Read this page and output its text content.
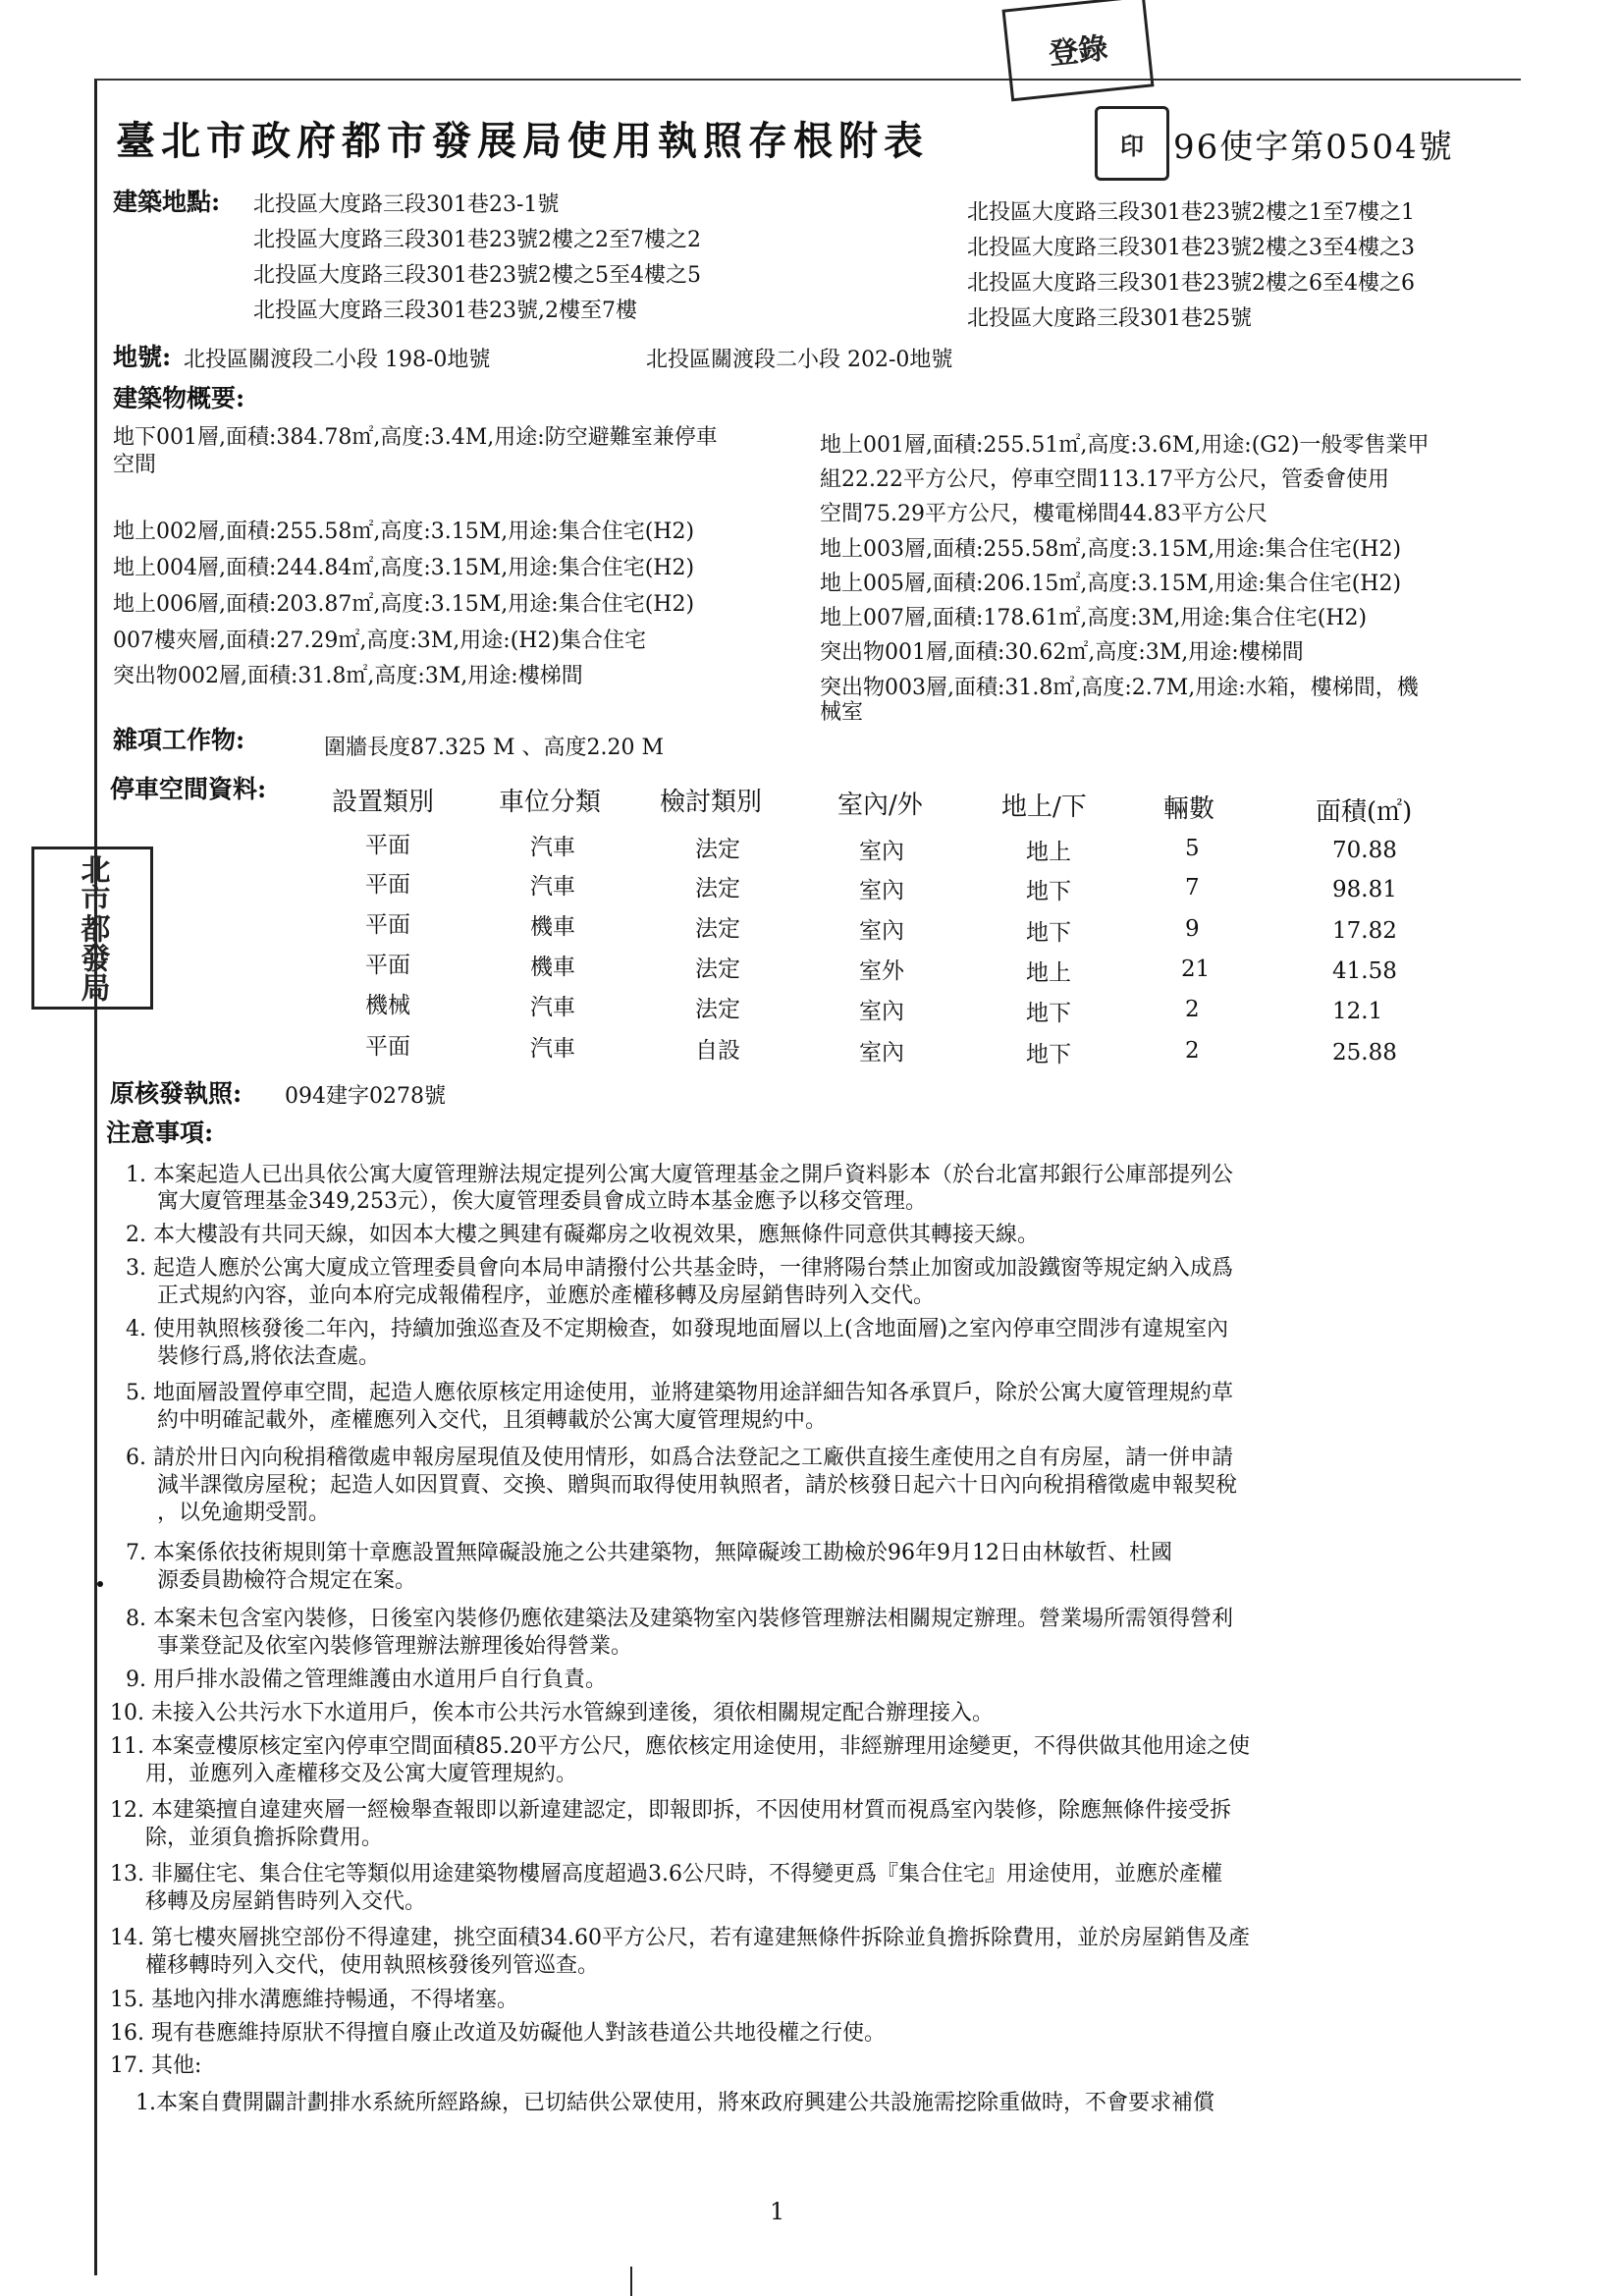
登錄
臺北市政府都市發展局使用執照存根附表	印 96使字第0504號
北市都發局
建築地點: 北投區大度路三段301巷23-1號
北投區大度路三段301巷23號2樓之2至7樓之2
北投區大度路三段301巷23號2樓之5至4樓之5
北投區大度路三段301巷23號,2樓至7樓
北投區大度路三段301巷23號2樓之1至7樓之1
北投區大度路三段301巷23號2樓之3至4樓之3
北投區大度路三段301巷23號2樓之6至4樓之6
北投區大度路三段301巷25號
地號: 北投區關渡段二小段 198-0地號	北投區關渡段二小段 202-0地號
建築物概要:
地下001層,面積:384.78㎡,高度:3.4M,用途:防空避難室兼停車
空間
地上002層,面積:255.58㎡,高度:3.15M,用途:集合住宅(H2)
地上004層,面積:244.84㎡,高度:3.15M,用途:集合住宅(H2)
地上006層,面積:203.87㎡,高度:3.15M,用途:集合住宅(H2)
007樓夾層,面積:27.29㎡,高度:3M,用途:(H2)集合住宅
突出物002層,面積:31.8㎡,高度:3M,用途:樓梯間
地上001層,面積:255.51㎡,高度:3.6M,用途:(G2)一般零售業甲
組22.22平方公尺，停車空間113.17平方公尺，管委會使用
空間75.29平方公尺，樓電梯間44.83平方公尺
地上003層,面積:255.58㎡,高度:3.15M,用途:集合住宅(H2)
地上005層,面積:206.15㎡,高度:3.15M,用途:集合住宅(H2)
地上007層,面積:178.61㎡,高度:3M,用途:集合住宅(H2)
突出物001層,面積:30.62㎡,高度:3M,用途:樓梯間
突出物003層,面積:31.8㎡,高度:2.7M,用途:水箱，樓梯間，機
械室
雜項工作物:	圍牆長度87.325 M 、高度2.20 M
停車空間資料:	設置類別	車位分類 檢討類別	室內/外	地上/下	輛數	面積(㎡)
平面	汽車	法定	室內	地上	5	70.88
平面	汽車	法定	室內	地下	7	98.81
平面	機車	法定	室內	地下	9	17.82
平面	機車	法定	室外	地上	21	41.58
機械	汽車	法定	室內	地下	2	12.1
平面	汽車	自設	室內	地下	2	25.88
原核發執照: 094建字0278號
注意事項:
1. 本案起造人已出具依公寓大廈管理辦法規定提列公寓大廈管理基金之開戶資料影本（於台北富邦銀行公庫部提列公
寓大廈管理基金349,253元），俟大廈管理委員會成立時本基金應予以移交管理。
2. 本大樓設有共同天線，如因本大樓之興建有礙鄰房之收視效果，應無條件同意供其轉接天線。
3. 起造人應於公寓大廈成立管理委員會向本局申請撥付公共基金時，一律將陽台禁止加窗或加設鐵窗等規定納入成爲
正式規約內容，並向本府完成報備程序，並應於產權移轉及房屋銷售時列入交代。
4. 使用執照核發後二年內，持續加強巡查及不定期檢查，如發現地面層以上(含地面層)之室內停車空間涉有違規室內
裝修行爲,將依法查處。
5. 地面層設置停車空間，起造人應依原核定用途使用，並將建築物用途詳細告知各承買戶，除於公寓大廈管理規約草
約中明確記載外，產權應列入交代，且須轉載於公寓大廈管理規約中。
6. 請於卅日內向稅捐稽徵處申報房屋現值及使用情形，如爲合法登記之工廠供直接生產使用之自有房屋，請一併申請
減半課徵房屋稅；起造人如因買賣、交換、贈與而取得使用執照者，請於核發日起六十日內向稅捐稽徵處申報契稅
，以免逾期受罰。
7. 本案係依技術規則第十章應設置無障礙設施之公共建築物，無障礙竣工勘檢於96年9月12日由林敏哲、杜國
源委員勘檢符合規定在案。
8. 本案未包含室內裝修，日後室內裝修仍應依建築法及建築物室內裝修管理辦法相關規定辦理。營業場所需領得營利
事業登記及依室內裝修管理辦法辦理後始得營業。
9. 用戶排水設備之管理維護由水道用戶自行負責。
10. 未接入公共污水下水道用戶，俟本市公共污水管線到達後，須依相關規定配合辦理接入。
11. 本案壹樓原核定室內停車空間面積85.20平方公尺，應依核定用途使用，非經辦理用途變更，不得供做其他用途之使
用，並應列入產權移交及公寓大廈管理規約。
12. 本建築擅自違建夾層一經檢舉查報即以新違建認定，即報即拆，不因使用材質而視爲室內裝修，除應無條件接受拆
除，並須負擔拆除費用。
13. 非屬住宅、集合住宅等類似用途建築物樓層高度超過3.6公尺時，不得變更爲『集合住宅』用途使用，並應於產權
移轉及房屋銷售時列入交代。
14. 第七樓夾層挑空部份不得違建，挑空面積34.60平方公尺，若有違建無條件拆除並負擔拆除費用，並於房屋銷售及產
權移轉時列入交代，使用執照核發後列管巡查。
15. 基地內排水溝應維持暢通，不得堵塞。
16. 現有巷應維持原狀不得擅自廢止改道及妨礙他人對該巷道公共地役權之行使。
17. 其他:
1.本案自費開闢計劃排水系統所經路線，已切結供公眾使用，將來政府興建公共設施需挖除重做時，不會要求補償
1
